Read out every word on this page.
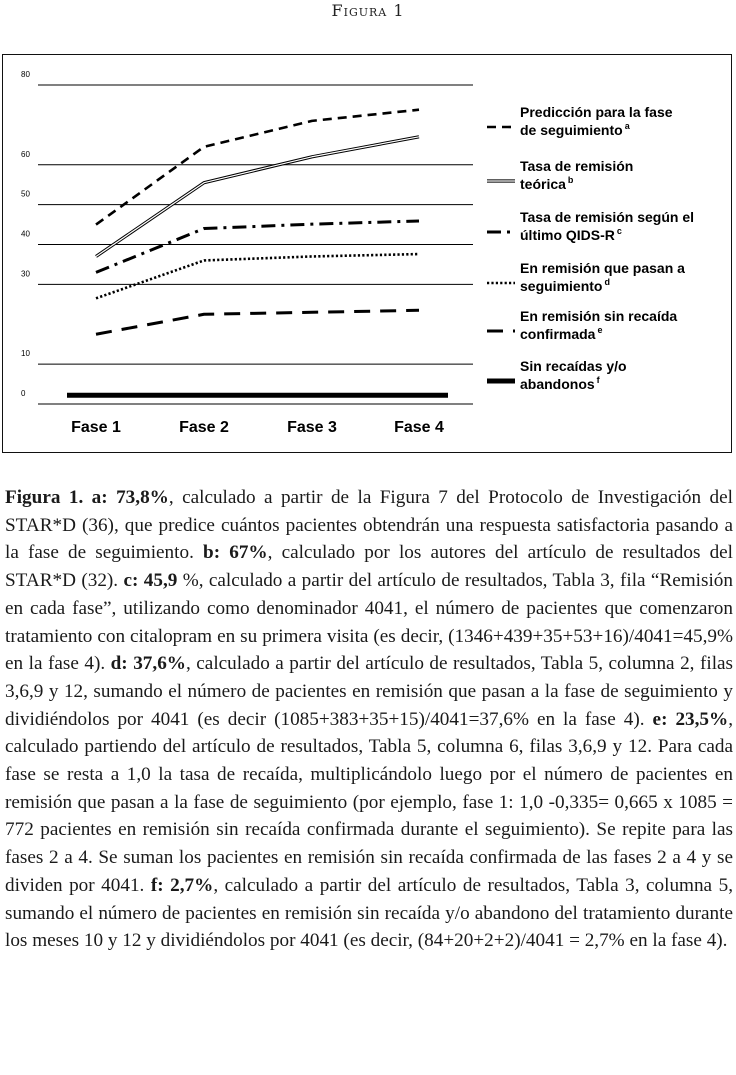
Figura 1
0
10
30
40
50
60
80
Fase 1	Fase 2	Fase 3	Fase 4
Predicción para la fase
de seguimiento $^a$
Tasa de remisión
teórica $^b$
Tasa de remisión según el
último QIDS-R $^c$
En remisión que pasan a
seguimiento $^d$
En remisión sin recaída
confirmada $^e$
Sin recaídas y/o
abandonos $^f$
Figura 1. a: 73,8%, calculado a partir de la Figura 7 del Protocolo de Investigación del STAR*D (36), que predice cuántos pacientes obtendrán una respuesta satisfactoria pasando a la fase de seguimiento. b: 67%, calculado por los autores del artículo de resultados del STAR*D (32). c: 45,9 %, calculado a partir del artículo de resultados, Tabla 3, fila “Remisión en cada fase”, utilizando como denominador 4041, el número de pacientes que comenzaron tratamiento con citalopram en su primera visita (es decir, (1346+439+35+53+16)/4041=45,9% en la fase 4). d: 37,6%, calculado a partir del artículo de resultados, Tabla 5, columna 2, filas 3,6,9 y 12, sumando el número de pacientes en remisión que pasan a la fase de seguimiento y dividiéndolos por 4041 (es decir (1085+383+35+15)/4041=37,6% en la fase 4). e: 23,5%, calculado partiendo del artículo de resultados, Tabla 5, columna 6, filas 3,6,9 y 12. Para cada fase se resta a 1,0 la tasa de recaída, multiplicándolo luego por el número de pacientes en remisión que pasan a la fase de seguimiento (por ejemplo, fase 1: 1,0 -0,335= 0,665 x 1085 = 772 pacientes en remisión sin recaída confirmada durante el seguimiento). Se repite para las fases 2 a 4. Se suman los pacientes en remisión sin recaída confirmada de las fases 2 a 4 y se dividen por 4041. f: 2,7%, calculado a partir del artículo de resultados, Tabla 3, columna 5, sumando el número de pacientes en remisión sin recaída y/o abandono del tratamiento durante los meses 10 y 12 y dividiéndolos por 4041 (es decir, (84+20+2+2)/4041 = 2,7% en la fase 4).
